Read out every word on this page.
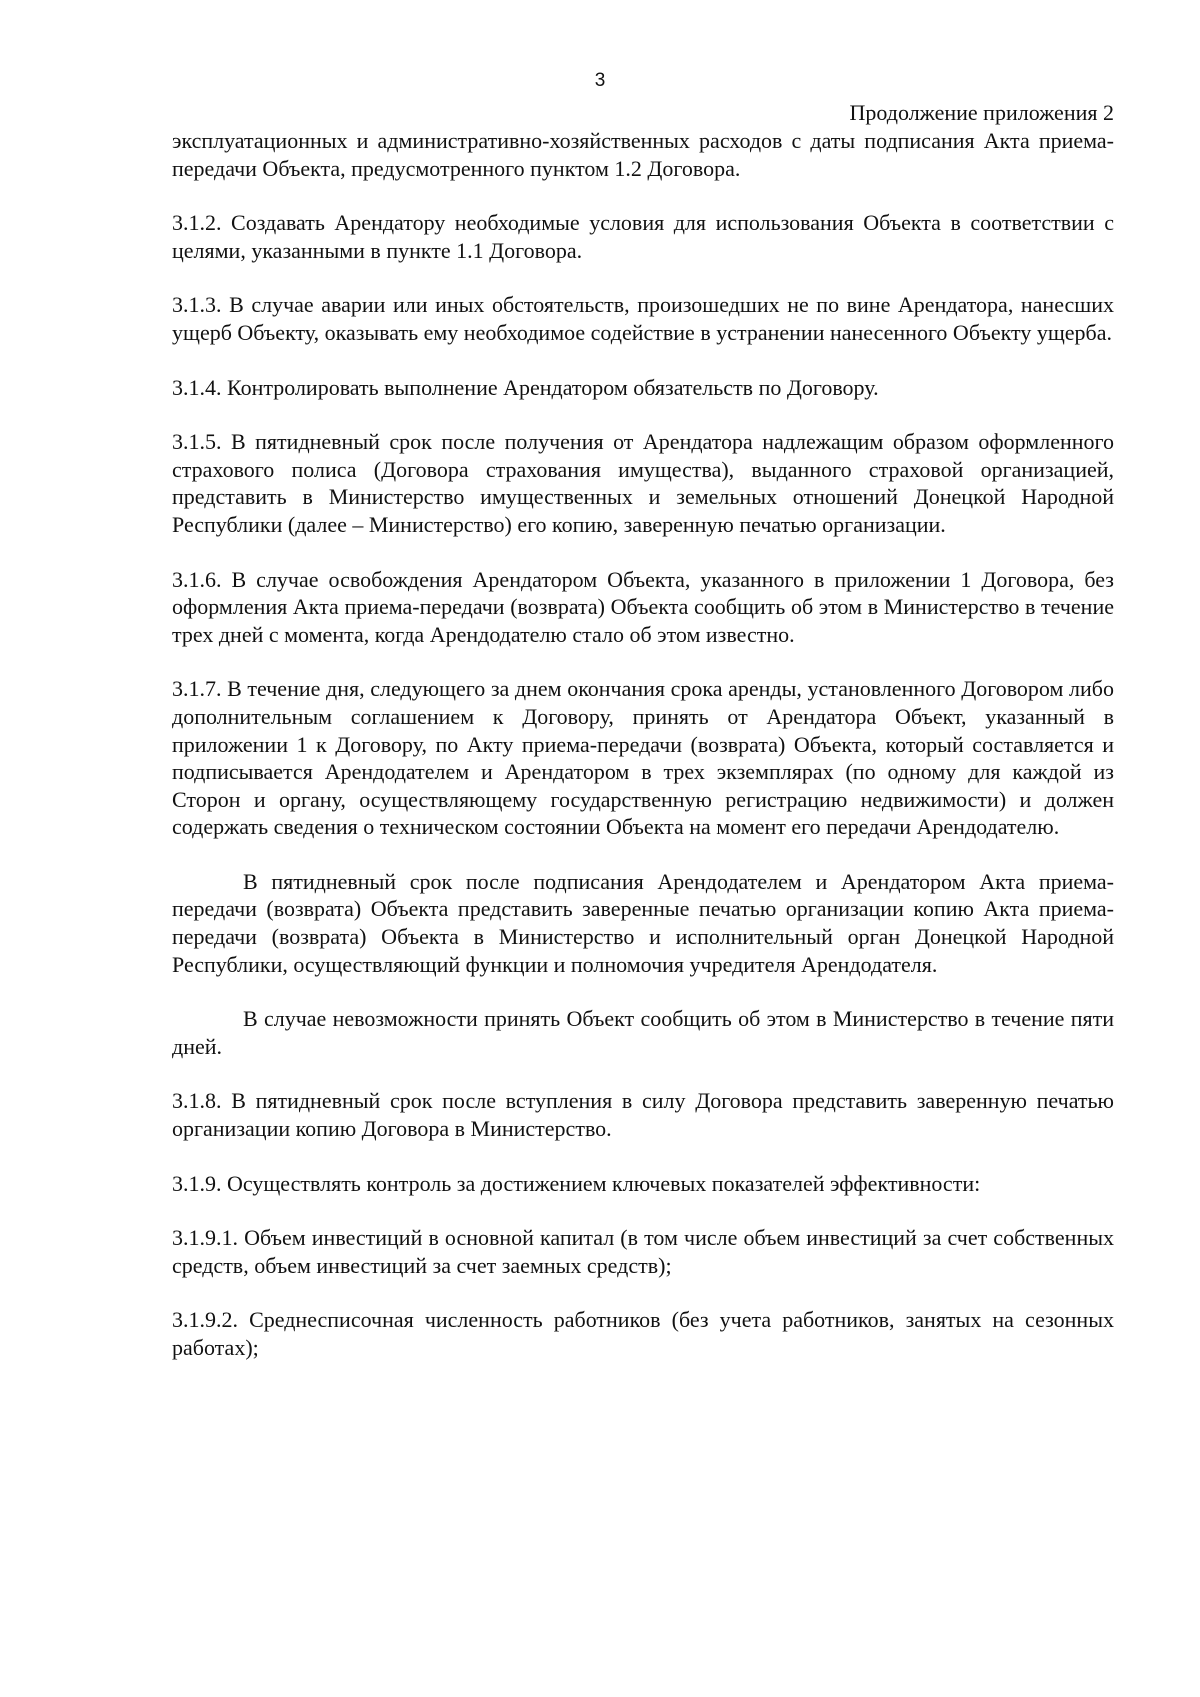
3
Продолжение приложения 2

эксплуатационных и административно-хозяйственных расходов с даты подписания Акта приема-передачи Объекта, предусмотренного пунктом 1.2 Договора.

3.1.2. Создавать Арендатору необходимые условия для использования Объекта в соответствии с целями, указанными в пункте 1.1 Договора.

3.1.3. В случае аварии или иных обстоятельств, произошедших не по вине Арендатора, нанесших ущерб Объекту, оказывать ему необходимое содействие в устранении нанесенного Объекту ущерба.

3.1.4. Контролировать выполнение Арендатором обязательств по Договору.

3.1.5. В пятидневный срок после получения от Арендатора надлежащим образом оформленного страхового полиса (Договора страхования имущества), выданного страховой организацией, представить в Министерство имущественных и земельных отношений Донецкой Народной Республики (далее – Министерство) его копию, заверенную печатью организации.

3.1.6. В случае освобождения Арендатором Объекта, указанного в приложении 1 Договора, без оформления Акта приема-передачи (возврата) Объекта сообщить об этом в Министерство в течение трех дней с момента, когда Арендодателю стало об этом известно.

3.1.7. В течение дня, следующего за днем окончания срока аренды, установленного Договором либо дополнительным соглашением к Договору, принять от Арендатора Объект, указанный в приложении 1 к Договору, по Акту приема-передачи (возврата) Объекта, который составляется и подписывается Арендодателем и Арендатором в трех экземплярах (по одному для каждой из Сторон и органу, осуществляющему государственную регистрацию недвижимости) и должен содержать сведения о техническом состоянии Объекта на момент его передачи Арендодателю.

В пятидневный срок после подписания Арендодателем и Арендатором Акта приема-передачи (возврата) Объекта представить заверенные печатью организации копию Акта приема-передачи (возврата) Объекта в Министерство и исполнительный орган Донецкой Народной Республики, осуществляющий функции и полномочия учредителя Арендодателя.

В случае невозможности принять Объект сообщить об этом в Министерство в течение пяти дней.

3.1.8. В пятидневный срок после вступления в силу Договора представить заверенную печатью организации копию Договора в Министерство.

3.1.9. Осуществлять контроль за достижением ключевых показателей эффективности:

3.1.9.1. Объем инвестиций в основной капитал (в том числе объем инвестиций за счет собственных средств, объем инвестиций за счет заемных средств);

3.1.9.2. Среднесписочная численность работников (без учета работников, занятых на сезонных работах);
